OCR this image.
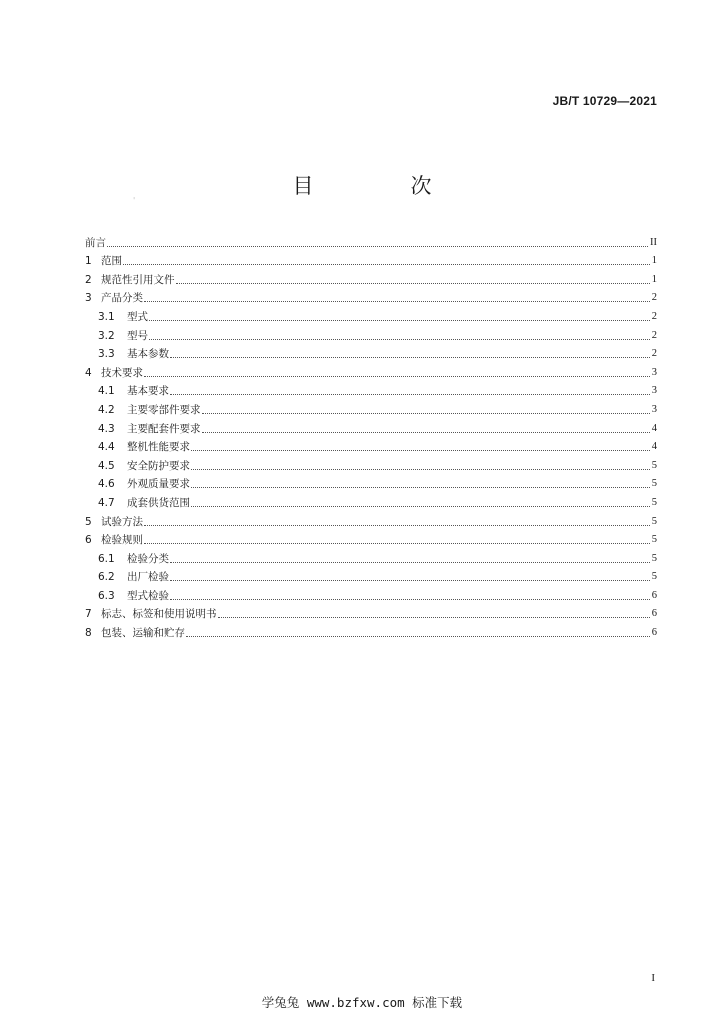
JB/T 10729—2021
目　次
'
前言	II
1 范围	1
2 规范性引用文件	1
3 产品分类	2
3.1	型式	2
3.2	型号	2
3.3	基本参数	2
4 技术要求	3
4.1	基本要求	3
4.2	主要零部件要求	3
4.3	主要配套件要求	4
4.4	整机性能要求	4
4.5	安全防护要求	5
4.6	外观质量要求	5
4.7	成套供货范围	5
5 试验方法	5
6 检验规则	5
6.1	检验分类	5
6.2	出厂检验	5
6.3	型式检验	6
7 标志、标签和使用说明书	6
8 包装、运输和贮存	6
I
学兔兔 www.bzfxw.com 标准下载
